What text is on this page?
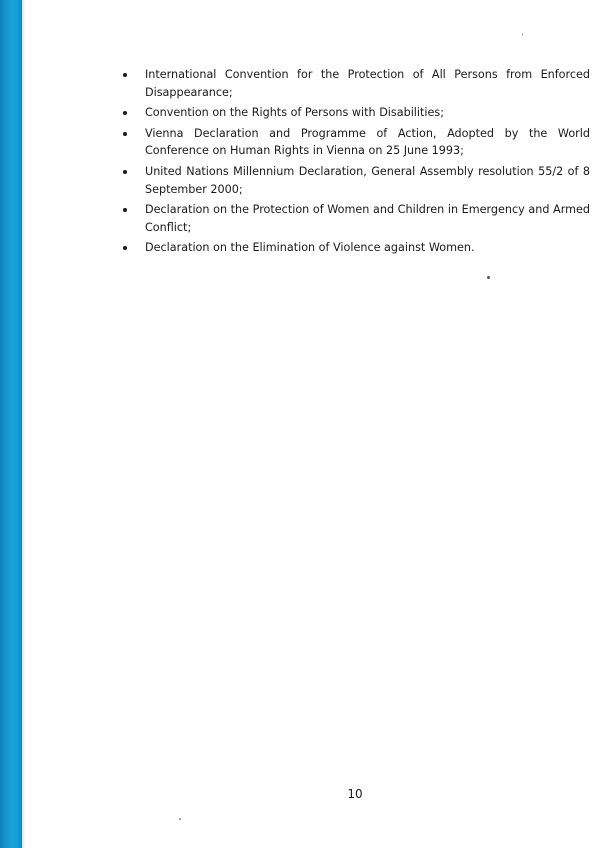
International Convention for the Protection of All Persons from Enforced Disappearance;
Convention on the Rights of Persons with Disabilities;
Vienna Declaration and Programme of Action, Adopted by the World Conference on Human Rights in Vienna on 25 June 1993;
United Nations Millennium Declaration, General Assembly resolution 55/2 of 8 September 2000;
Declaration on the Protection of Women and Children in Emergency and Armed Conflict;
Declaration on the Elimination of Violence against Women.
10
